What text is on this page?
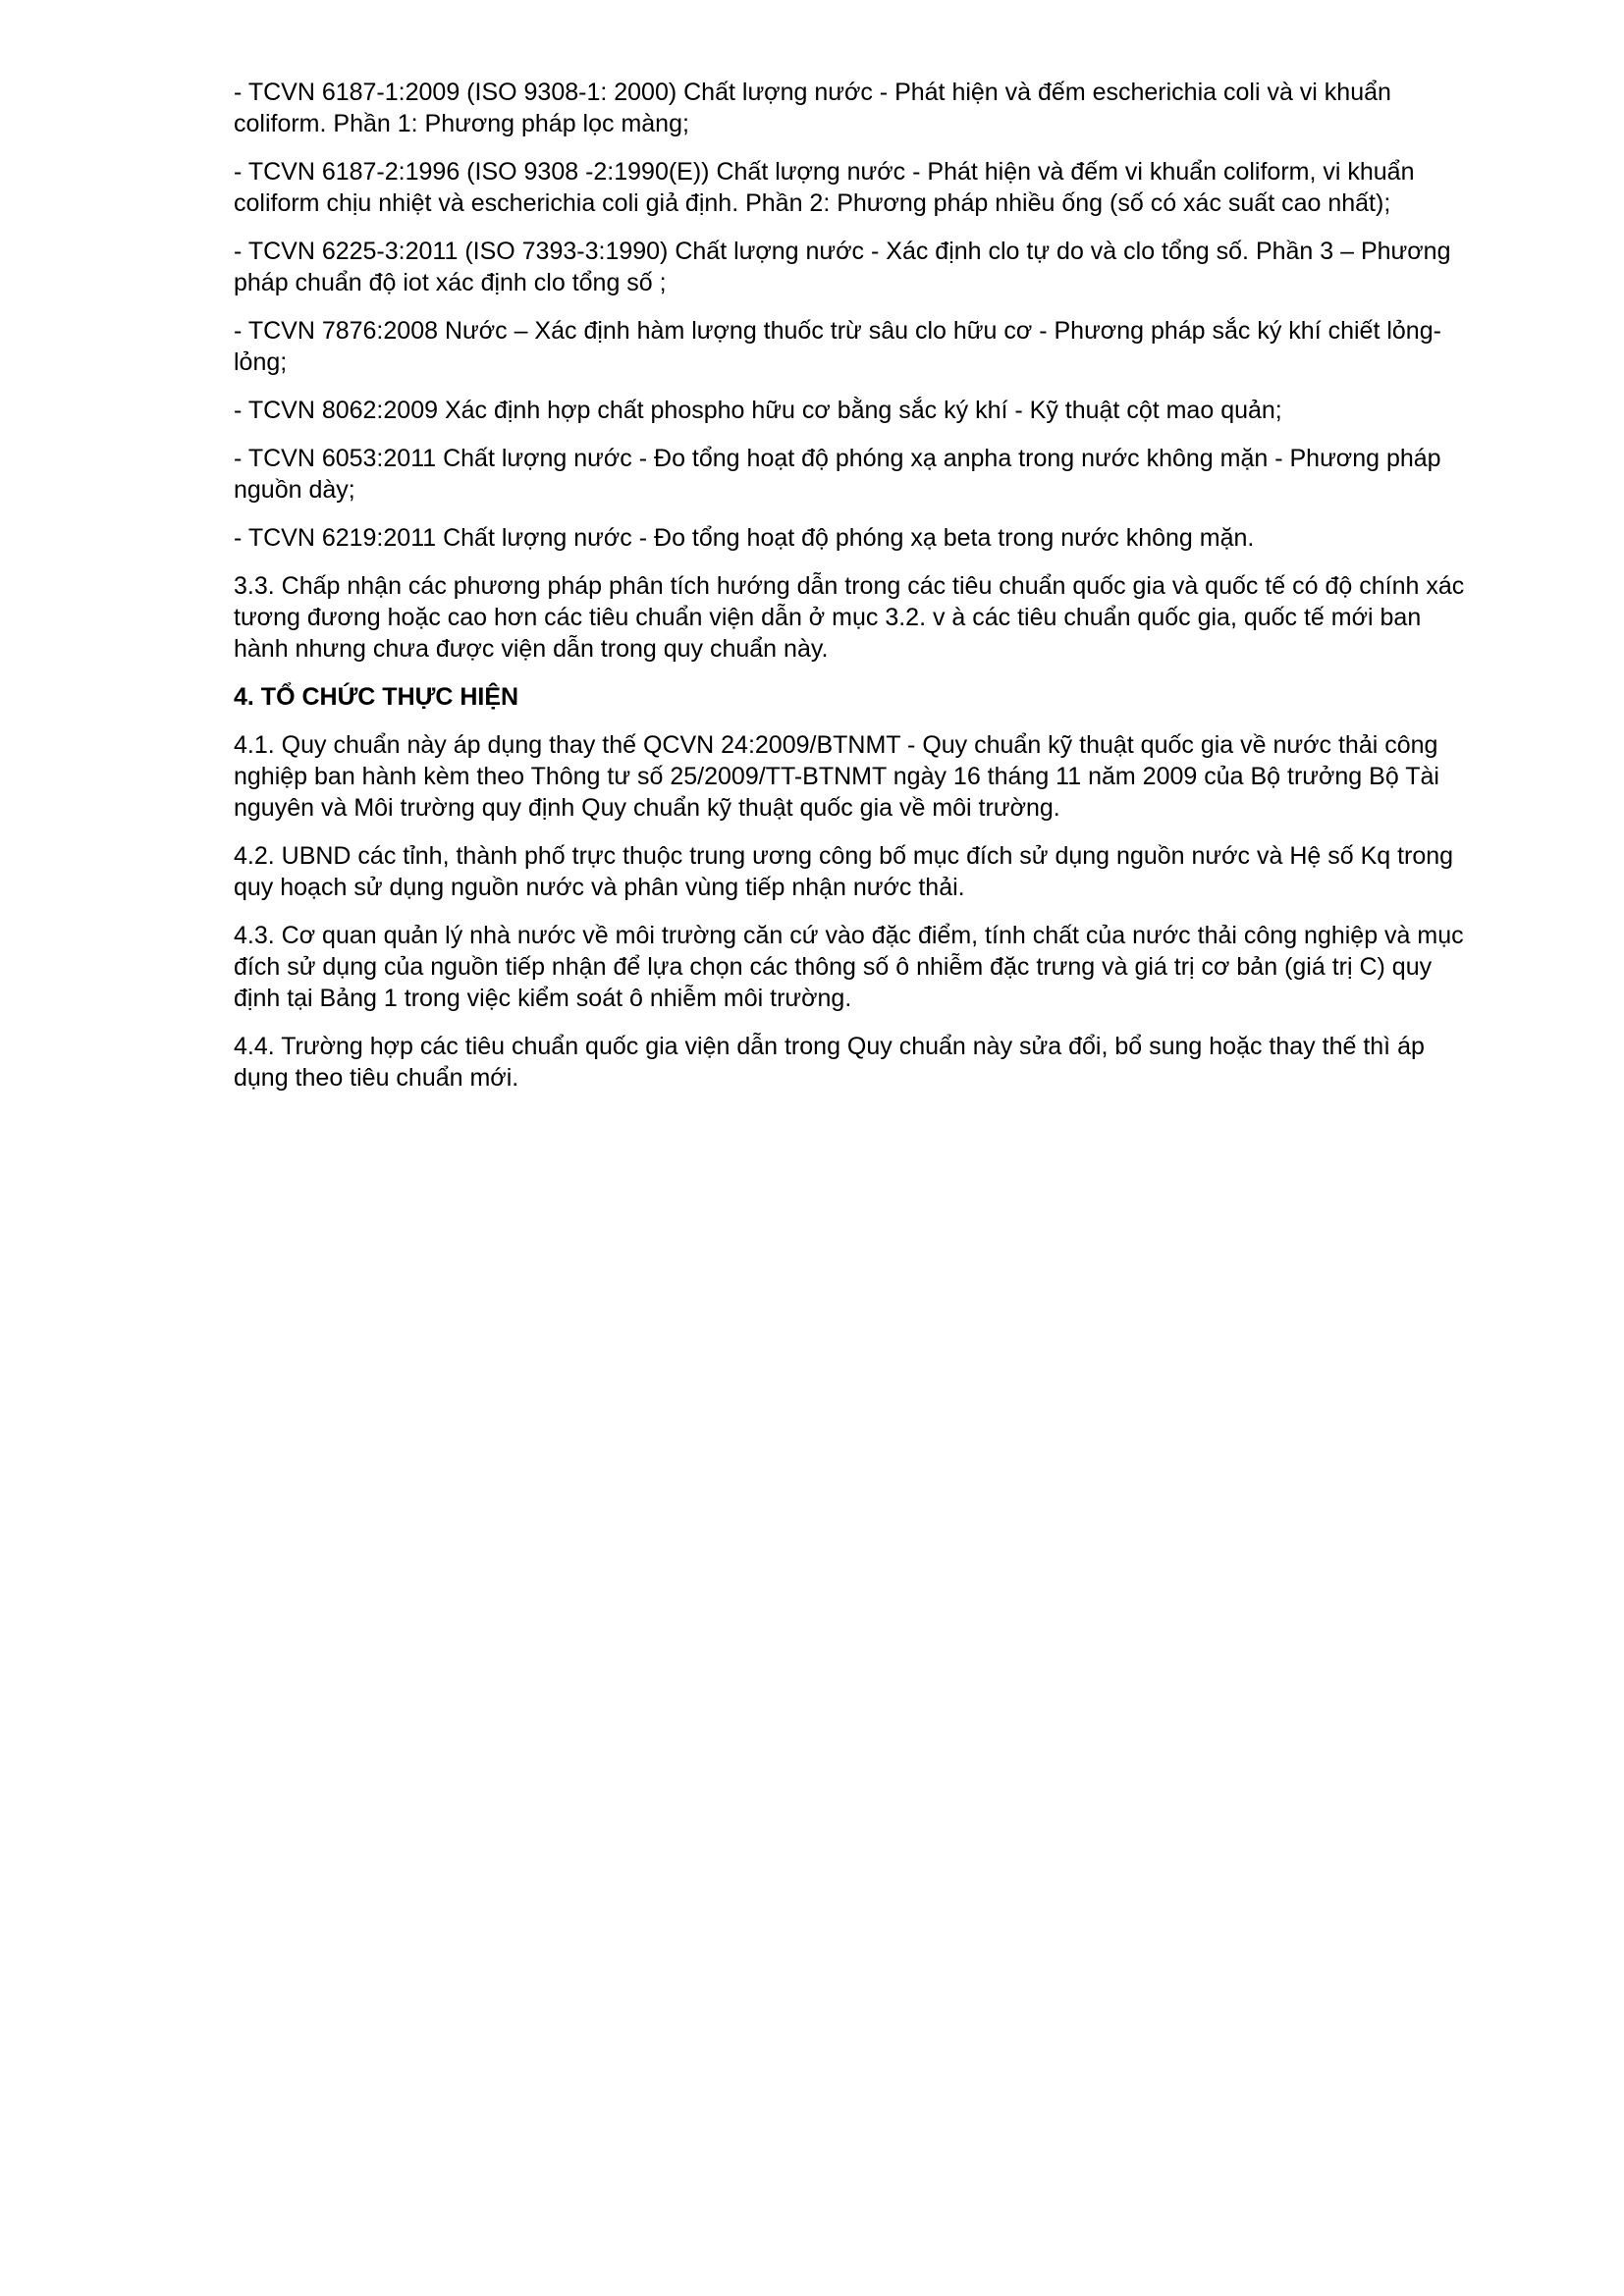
- TCVN 6187-1:2009 (ISO 9308-1: 2000) Chất lượng nước - Phát hiện và đếm escherichia coli và vi khuẩn coliform. Phần 1: Phương pháp lọc màng;

- TCVN 6187-2:1996 (ISO 9308 -2:1990(E)) Chất lượng nước - Phát hiện và đếm vi khuẩn coliform, vi khuẩn coliform chịu nhiệt và escherichia coli giả định. Phần 2: Phương pháp nhiều ống (số có xác suất cao nhất);

- TCVN 6225-3:2011 (ISO 7393-3:1990) Chất lượng nước - Xác định clo tự do và clo tổng số. Phần 3 – Phương pháp chuẩn độ iot xác định clo tổng số ;

- TCVN 7876:2008 Nước – Xác định hàm lượng thuốc trừ sâu clo hữu cơ - Phương pháp sắc ký khí chiết lỏng-lỏng;

- TCVN 8062:2009 Xác định hợp chất phospho hữu cơ bằng sắc ký khí - Kỹ thuật cột mao quản;

- TCVN 6053:2011 Chất lượng nước - Đo tổng hoạt độ phóng xạ anpha trong nước không mặn - Phương pháp nguồn dày;

- TCVN 6219:2011 Chất lượng nước - Đo tổng hoạt độ phóng xạ beta trong nước không mặn.

3.3. Chấp nhận các phương pháp phân tích hướng dẫn trong các tiêu chuẩn quốc gia và quốc tế có độ chính xác tương đương hoặc cao hơn các tiêu chuẩn viện dẫn ở mục 3.2. v à các tiêu chuẩn quốc gia, quốc tế mới ban hành nhưng chưa được viện dẫn trong quy chuẩn này.

4. TỔ CHỨC THỰC HIỆN

4.1. Quy chuẩn này áp dụng thay thế QCVN 24:2009/BTNMT - Quy chuẩn kỹ thuật quốc gia về nước thải công nghiệp ban hành kèm theo Thông tư số 25/2009/TT-BTNMT ngày 16 tháng 11 năm 2009 của Bộ trưởng Bộ Tài nguyên và Môi trường quy định Quy chuẩn kỹ thuật quốc gia về môi trường.

4.2. UBND các tỉnh, thành phố trực thuộc trung ương công bố mục đích sử dụng nguồn nước và Hệ số Kq trong quy hoạch sử dụng nguồn nước và phân vùng tiếp nhận nước thải.

4.3. Cơ quan quản lý nhà nước về môi trường căn cứ vào đặc điểm, tính chất của nước thải công nghiệp và mục đích sử dụng của nguồn tiếp nhận để lựa chọn các thông số ô nhiễm đặc trưng và giá trị cơ bản (giá trị C) quy định tại Bảng 1 trong việc kiểm soát ô nhiễm môi trường.

4.4. Trường hợp các tiêu chuẩn quốc gia viện dẫn trong Quy chuẩn này sửa đổi, bổ sung hoặc thay thế thì áp dụng theo tiêu chuẩn mới.
